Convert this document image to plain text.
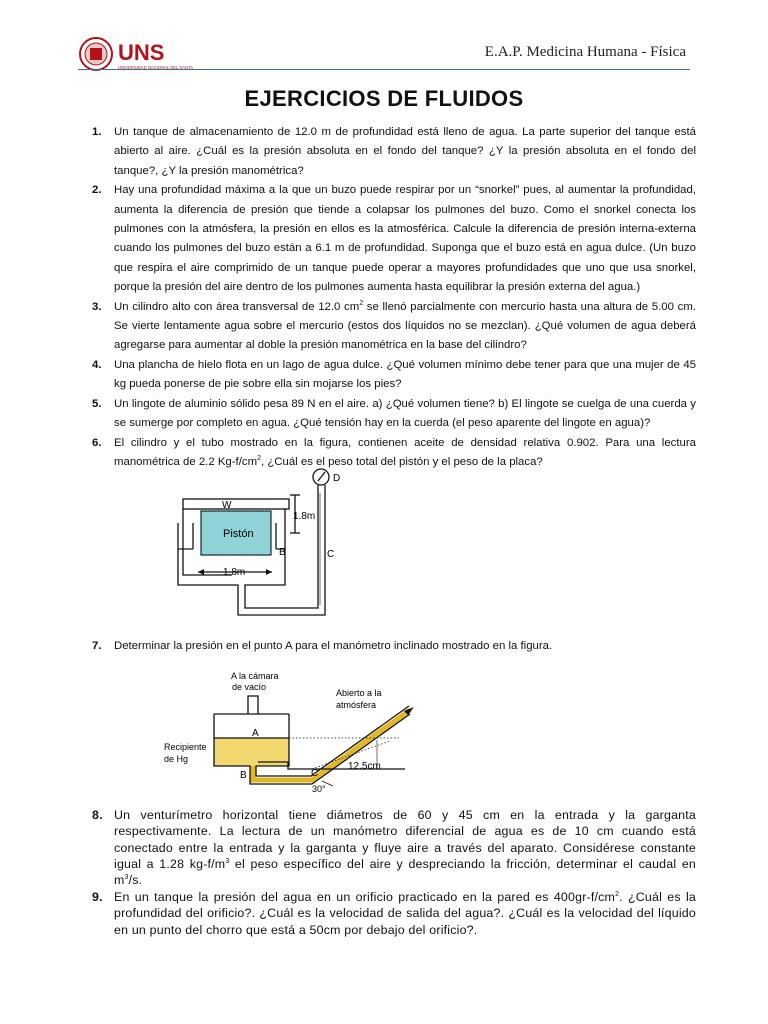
UNS
UNIVERSIDAD NACIONAL DEL SANTA
E.A.P. Medicina Humana - Física
EJERCICIOS DE FLUIDOS
1. Un tanque de almacenamiento de 12.0 m de profundidad está lleno de agua. La parte superior del tanque está abierto al aire. ¿Cuál es la presión absoluta en el fondo del tanque? ¿Y la presión absoluta en el fondo del tanque?, ¿Y la presión manométrica?
2. Hay una profundidad máxima a la que un buzo puede respirar por un “snorkel” pues, al aumentar la profundidad, aumenta la diferencia de presión que tiende a colapsar los pulmones del buzo. Como el snorkel conecta los pulmones con la atmósfera, la presión en ellos es la atmosférica. Calcule la diferencia de presión interna-externa cuando los pulmones del buzo están a 6.1 m de profundidad. Suponga que el buzo está en agua dulce. (Un buzo que respira el aire comprimido de un tanque puede operar a mayores profundidades que uno que usa snorkel, porque la presión del aire dentro de los pulmones aumenta hasta equilibrar la presión externa del agua.)
3. Un cilindro alto con área transversal de 12.0 $cm^2$ se llenó parcialmente con mercurio hasta una altura de 5.00 cm. Se vierte lentamente agua sobre el mercurio (estos dos líquidos no se mezclan). ¿Qué volumen de agua deberá agregarse para aumentar al doble la presión manométrica en la base del cilindro?
4. Una plancha de hielo flota en un lago de agua dulce. ¿Qué volumen mínimo debe tener para que una mujer de 45 kg pueda ponerse de pie sobre ella sin mojarse los pies?
5. Un lingote de aluminio sólido pesa 89 N en el aire. a) ¿Qué volumen tiene? b) El lingote se cuelga de una cuerda y se sumerge por completo en agua. ¿Qué tensión hay en la cuerda (el peso aparente del lingote en agua)?
6. El cilindro y el tubo mostrado en la figura, contienen aceite de densidad relativa 0.902. Para una lectura manométrica de 2.2 $Kg-f/cm^2$, ¿Cuál es el peso total del pistón y el peso de la placa?
7. Determinar la presión en el punto A para el manómetro inclinado mostrado en la figura.
8. Un venturímetro horizontal tiene diámetros de 60 y 45 cm en la entrada y la garganta respectivamente. La lectura de un manómetro diferencial de agua es de 10 cm cuando está conectado entre la entrada y la garganta y fluye aire a través del aparato. Considérese constante igual a 1.28 $kg-f/m^3$ el peso específico del aire y despreciando la fricción, determinar el caudal en $m^3/s$.
9. En un tanque la presión del agua en un orificio practicado en la pared es $400gr-f/cm^2$. ¿Cuál es la profundidad del orificio?. ¿Cuál es la velocidad de salida del agua?. ¿Cuál es la velocidad del líquido en un punto del chorro que está a 50cm por debajo del orificio?.
W
Pistón
1.8m
1.8m
B	C
D
A la cámara
de vacío
Abierto a la
atmósfera
Recipiente
de Hg
A
B	C
12.5cm
30°
